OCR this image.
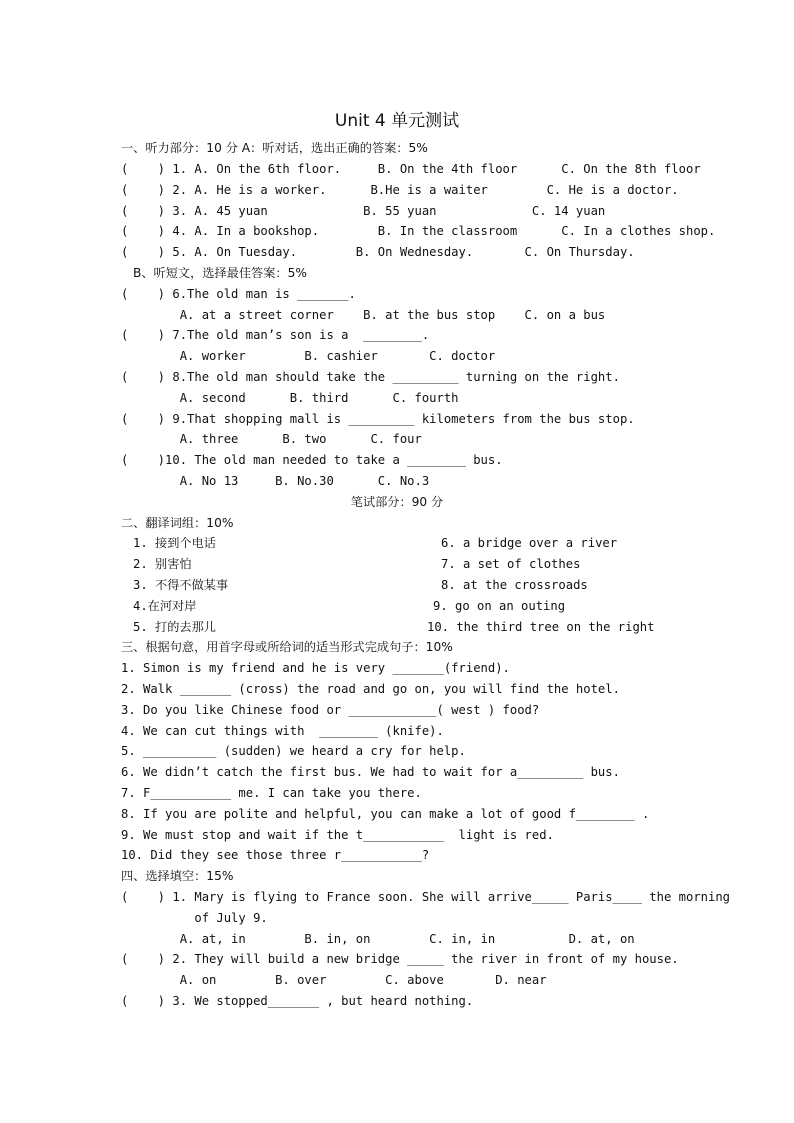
Unit 4 单元测试
一、听力部分：10 分 A：听对话，选出正确的答案：5%
(    ) 1. A. On the 6th floor.     B. On the 4th floor      C. On the 8th floor
(    ) 2. A. He is a worker.      B.He is a waiter        C. He is a doctor.
(    ) 3. A. 45 yuan             B. 55 yuan             C. 14 yuan
(    ) 4. A. In a bookshop.        B. In the classroom      C. In a clothes shop.
(    ) 5. A. On Tuesday.        B. On Wednesday.       C. On Thursday.
B、听短文，选择最佳答案：5%
(    ) 6.The old man is _______.
A. at a street corner    B. at the bus stop    C. on a bus
(    ) 7.The old man’s son is a  ________.
A. worker        B. cashier       C. doctor
(    ) 8.The old man should take the _________ turning on the right.
A. second      B. third      C. fourth
(    ) 9.That shopping mall is _________ kilometers from the bus stop.
A. three      B. two      C. four
(    )10. The old man needed to take a ________ bus.
A. No 13     B. No.30      C. No.3
笔试部分：90 分
二、翻译词组：10%
1. 接到个电话
2. 别害怕
3. 不得不做某事
4.在河对岸
5. 打的去那儿
6. a bridge over a river
7. a set of clothes
8. at the crossroads
9. go on an outing
10. the third tree on the right
三、根据句意，用首字母或所给词的适当形式完成句子：10%
1. Simon is my friend and he is very _______(friend).
2. Walk _______ (cross) the road and go on, you will find the hotel.
3. Do you like Chinese food or ____________( west ) food?
4. We can cut things with  ________ (knife).
5. __________ (sudden) we heard a cry for help.
6. We didn’t catch the first bus. We had to wait for a_________ bus.
7. F___________ me. I can take you there.
8. If you are polite and helpful, you can make a lot of good f________ .
9. We must stop and wait if the t___________  light is red.
10. Did they see those three r___________?
四、选择填空：15%
(    ) 1. Mary is flying to France soon. She will arrive_____ Paris____ the morning
of July 9.
A. at, in        B. in, on        C. in, in          D. at, on
(    ) 2. They will build a new bridge _____ the river in front of my house.
A. on        B. over        C. above       D. near
(    ) 3. We stopped_______ , but heard nothing.
